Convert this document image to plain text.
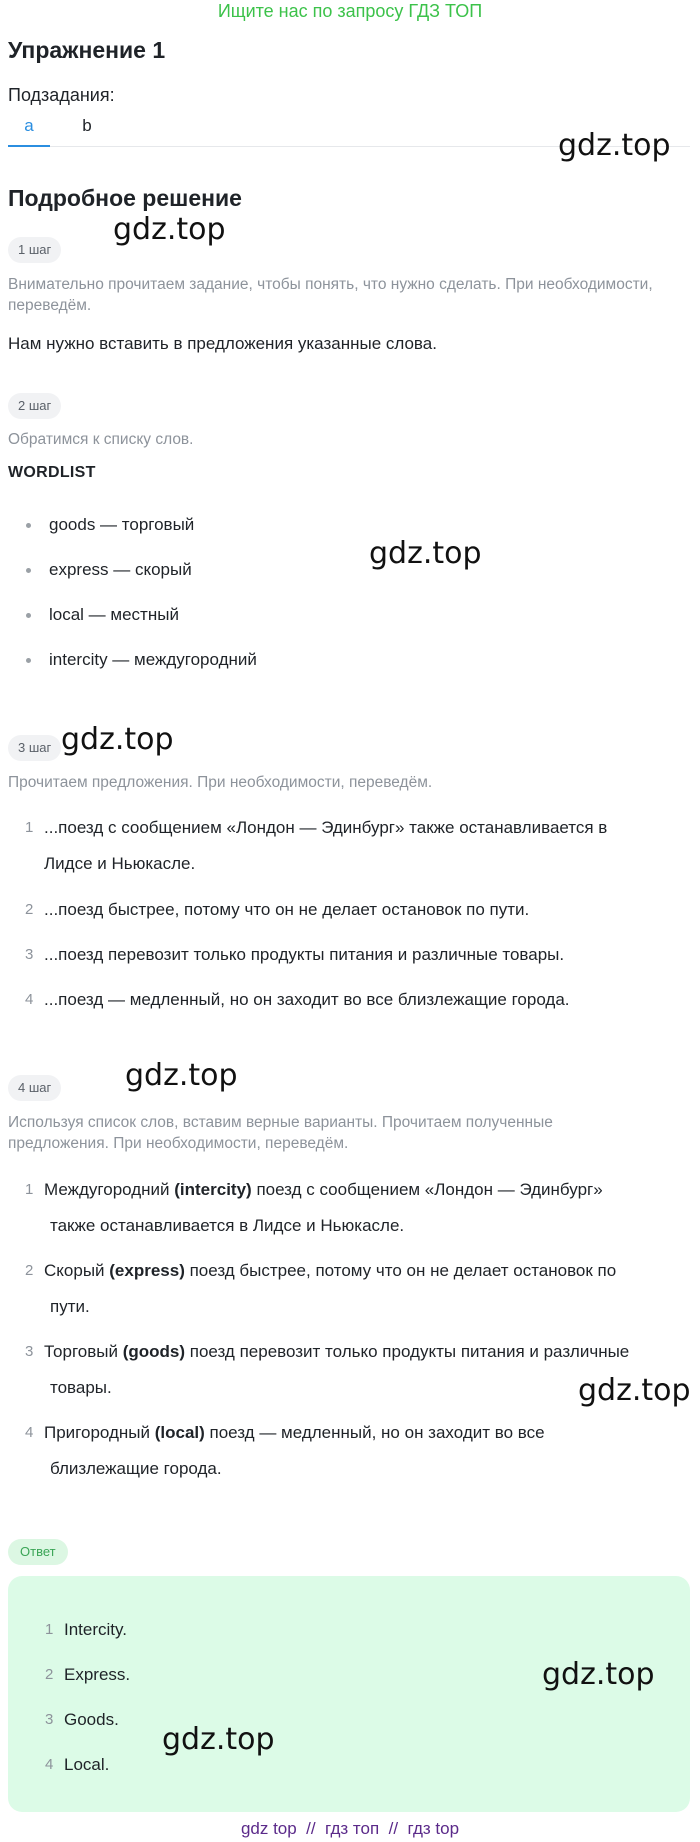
Ищите нас по запросу ГДЗ ТОП
Упражнение 1
Подзадания:
a	b
Подробное решение
1 шаг
Внимательно прочитаем задание, чтобы понять, что нужно сделать. При необходимости,
переведём.
Нам нужно вставить в предложения указанные слова.
2 шаг
Обратимся к списку слов.
WORDLIST
goods — торговый
express — скорый
local — местный
intercity — междугородний
3 шаг
Прочитаем предложения. При необходимости, переведём.
1 ...поезд с сообщением «Лондон — Эдинбург» также останавливается в
Лидсе и Ньюкасле.
2 ...поезд быстрее, потому что он не делает остановок по пути.
3 ...поезд перевозит только продукты питания и различные товары.
4 ...поезд — медленный, но он заходит во все близлежащие города.
4 шаг
Используя список слов, вставим верные варианты. Прочитаем полученные
предложения. При необходимости, переведём.
1 Междугородний (intercity) поезд с сообщением «Лондон — Эдинбург»
также останавливается в Лидсе и Ньюкасле.
2 Скорый (express) поезд быстрее, потому что он не делает остановок по
пути.
3 Торговый (goods) поезд перевозит только продукты питания и различные
товары.
4 Пригородный (local) поезд — медленный, но он заходит во все
близлежащие города.
Ответ
1 Intercity.
2 Express.
3 Goods.
4 Local.
gdz.top
gdz.top
gdz.top
gdz.top
gdz.top
gdz.top
gdz.top
gdz.top
gdz top  //  гдз топ  //  гдз top
